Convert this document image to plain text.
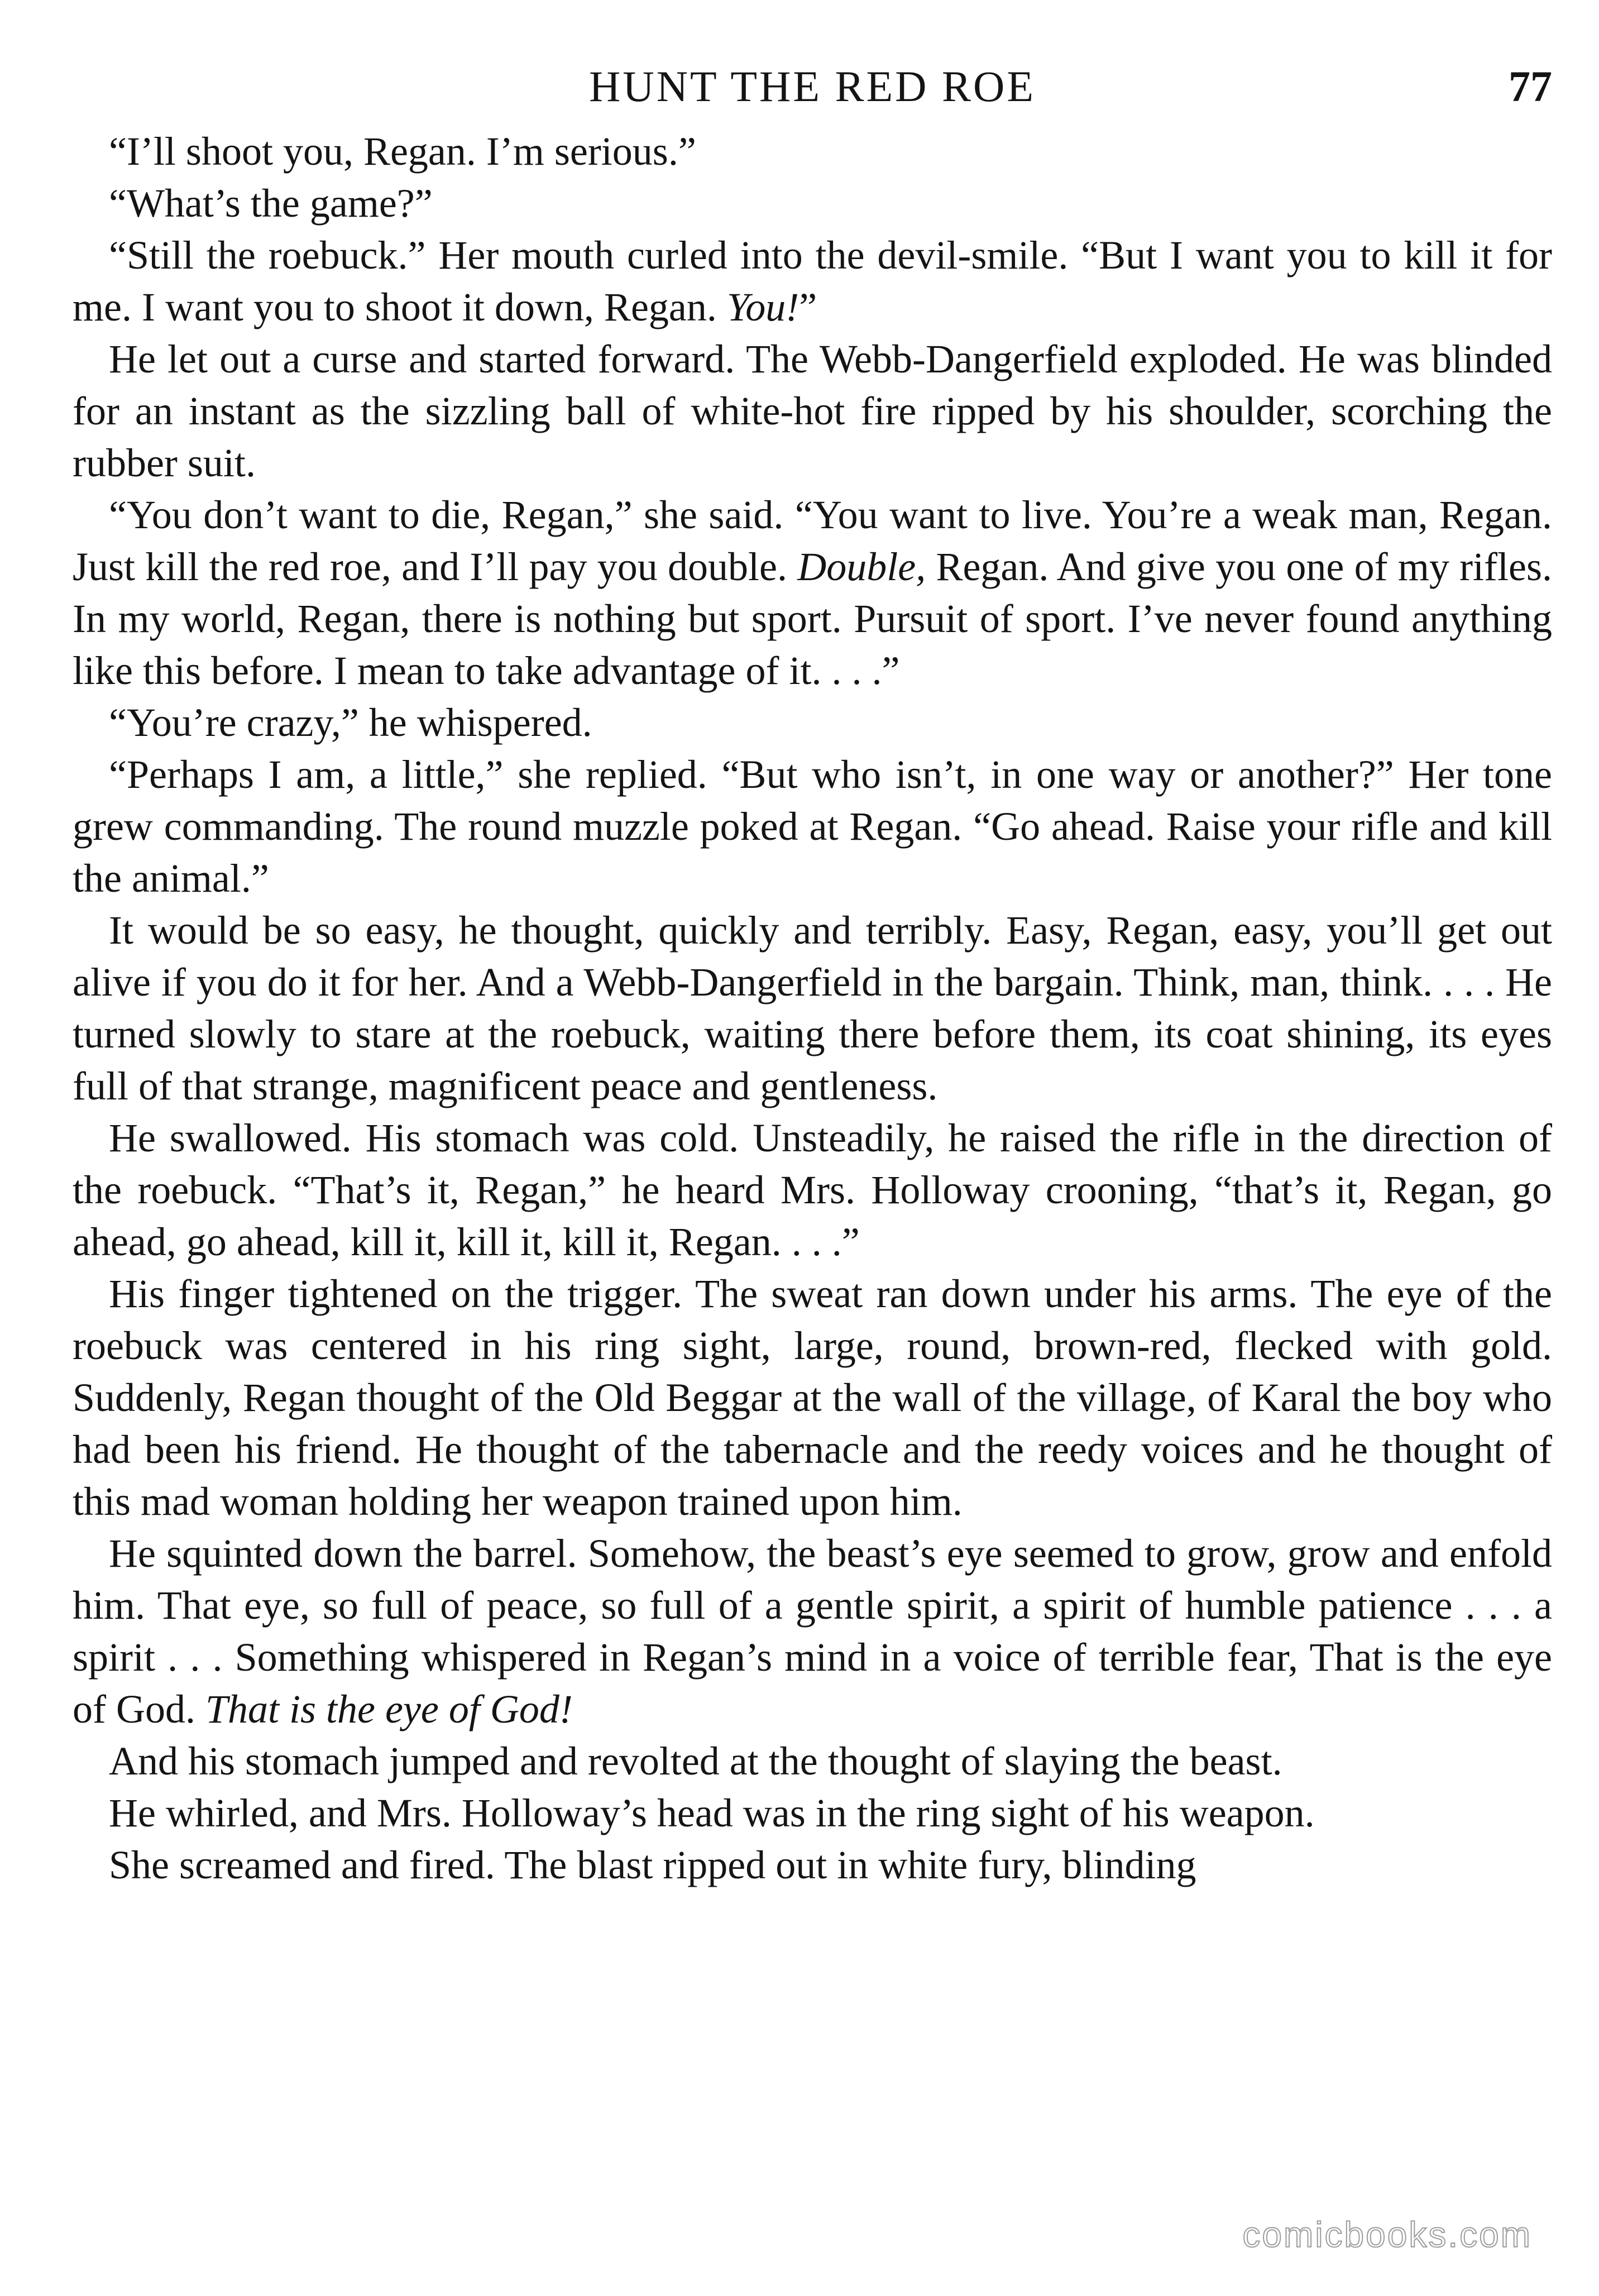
HUNT THE RED ROE	77

“I’ll shoot you, Regan. I’m serious.”

“What’s the game?”

“Still the roebuck.” Her mouth curled into the devil-smile. “But I want you to kill it for me. I want you to shoot it down, Regan. You!”

He let out a curse and started forward. The Webb-Dangerfield exploded. He was blinded for an instant as the sizzling ball of white-hot fire ripped by his shoulder, scorching the rubber suit.

“You don’t want to die, Regan,” she said. “You want to live. You’re a weak man, Regan. Just kill the red roe, and I’ll pay you double. Double, Regan. And give you one of my rifles. In my world, Regan, there is nothing but sport. Pursuit of sport. I’ve never found anything like this before. I mean to take advantage of it. . . .”

“You’re crazy,” he whispered.

“Perhaps I am, a little,” she replied. “But who isn’t, in one way or another?” Her tone grew commanding. The round muzzle poked at Regan. “Go ahead. Raise your rifle and kill the animal.”

It would be so easy, he thought, quickly and terribly. Easy, Regan, easy, you’ll get out alive if you do it for her. And a Webb-Dangerfield in the bargain. Think, man, think. . . . He turned slowly to stare at the roebuck, waiting there before them, its coat shining, its eyes full of that strange, magnificent peace and gentleness.

He swallowed. His stomach was cold. Unsteadily, he raised the rifle in the direction of the roebuck. “That’s it, Regan,” he heard Mrs. Holloway crooning, “that’s it, Regan, go ahead, go ahead, kill it, kill it, kill it, Regan. . . .”

His finger tightened on the trigger. The sweat ran down under his arms. The eye of the roebuck was centered in his ring sight, large, round, brown-red, flecked with gold. Suddenly, Regan thought of the Old Beggar at the wall of the village, of Karal the boy who had been his friend. He thought of the tabernacle and the reedy voices and he thought of this mad woman holding her weapon trained upon him.

He squinted down the barrel. Somehow, the beast’s eye seemed to grow, grow and enfold him. That eye, so full of peace, so full of a gentle spirit, a spirit of humble patience . . . a spirit . . . Something whispered in Regan’s mind in a voice of terrible fear, That is the eye of God. That is the eye of God!

And his stomach jumped and revolted at the thought of slaying the beast.

He whirled, and Mrs. Holloway’s head was in the ring sight of his weapon.

She screamed and fired. The blast ripped out in white fury, blinding

comicbooks.com
